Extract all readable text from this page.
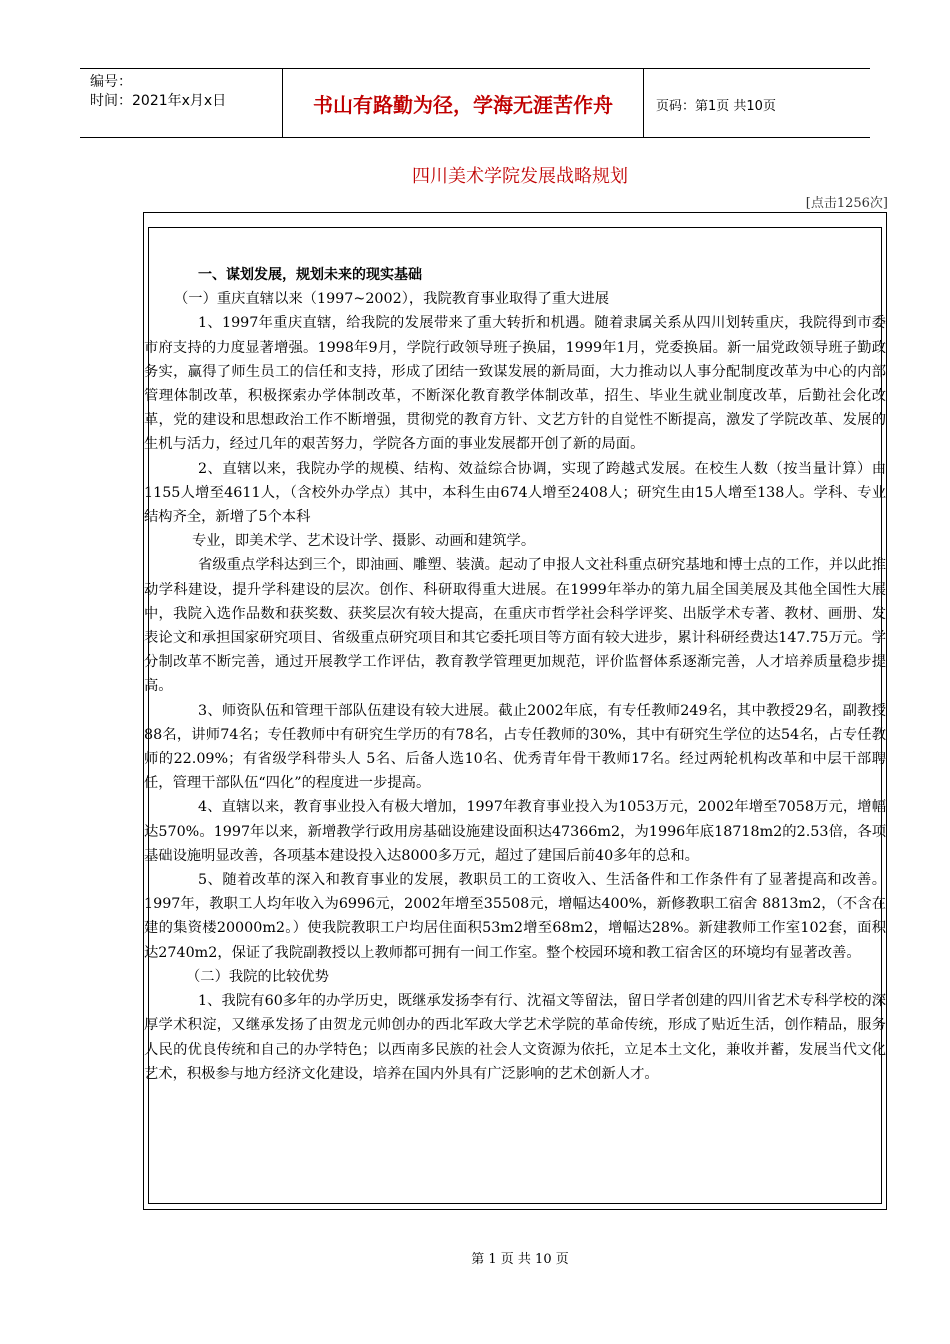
编号：
时间：2021年x月x日	书山有路勤为径，学海无涯苦作舟	页码：第1页 共10页
四川美术学院发展战略规划
[点击1256次]

一、谋划发展，规划未来的现实基础

（一）重庆直辖以来（1997~2002），我院教育事业取得了重大进展

1、1997年重庆直辖，给我院的发展带来了重大转折和机遇。随着隶属关系从四川划转重庆，我院得到市委市府支持的力度显著增强。1998年9月，学院行政领导班子换届，1999年1月，党委换届。新一届党政领导班子勤政务实，赢得了师生员工的信任和支持，形成了团结一致谋发展的新局面，大力推动以人事分配制度改革为中心的内部管理体制改革，积极探索办学体制改革，不断深化教育教学体制改革，招生、毕业生就业制度改革，后勤社会化改革，党的建设和思想政治工作不断增强，贯彻党的教育方针、文艺方针的自觉性不断提高，激发了学院改革、发展的生机与活力，经过几年的艰苦努力，学院各方面的事业发展都开创了新的局面。

2、直辖以来，我院办学的规模、结构、效益综合协调，实现了跨越式发展。在校生人数（按当量计算）由1155人增至4611人，（含校外办学点）其中，本科生由674人增至2408人；研究生由15人增至138人。学科、专业结构齐全，新增了5个本科

专业，即美术学、艺术设计学、摄影、动画和建筑学。

省级重点学科达到三个，即油画、雕塑、装潢。起动了申报人文社科重点研究基地和博士点的工作，并以此推动学科建设，提升学科建设的层次。创作、科研取得重大进展。在1999年举办的第九届全国美展及其他全国性大展中，我院入选作品数和获奖数、获奖层次有较大提高，在重庆市哲学社会科学评奖、出版学术专著、教材、画册、发表论文和承担国家研究项目、省级重点研究项目和其它委托项目等方面有较大进步，累计科研经费达147.75万元。学分制改革不断完善，通过开展教学工作评估，教育教学管理更加规范，评价监督体系逐渐完善，人才培养质量稳步提高。

3、师资队伍和管理干部队伍建设有较大进展。截止2002年底，有专任教师249名，其中教授29名，副教授88名，讲师74名；专任教师中有研究生学历的有78名，占专任教师的30%，其中有研究生学位的达54名，占专任教师的22.09%；有省级学科带头人 5名、后备人选10名、优秀青年骨干教师17名。经过两轮机构改革和中层干部聘任，管理干部队伍“四化”的程度进一步提高。

4、直辖以来，教育事业投入有极大增加，1997年教育事业投入为1053万元，2002年增至7058万元，增幅达570%。1997年以来，新增教学行政用房基础设施建设面积达47366m2，为1996年底18718m2的2.53倍，各项基础设施明显改善，各项基本建设投入达8000多万元，超过了建国后前40多年的总和。

5、随着改革的深入和教育事业的发展，教职员工的工资收入、生活备件和工作条件有了显著提高和改善。1997年，教职工人均年收入为6996元，2002年增至35508元，增幅达400%，新修教职工宿舍 8813m2，（不含在建的集资楼20000m2。）使我院教职工户均居住面积53m2增至68m2，增幅达28%。新建教师工作室102套，面积达2740m2，保证了我院副教授以上教师都可拥有一间工作室。整个校园环境和教工宿舍区的环境均有显著改善。

（二）我院的比较优势

1、我院有60多年的办学历史，既继承发扬李有行、沈福文等留法，留日学者创建的四川省艺术专科学校的深厚学术积淀，又继承发扬了由贺龙元帅创办的西北军政大学艺术学院的革命传统，形成了贴近生活，创作精品，服务人民的优良传统和自己的办学特色；以西南多民族的社会人文资源为依托，立足本土文化，兼收并蓄，发展当代文化艺术，积极参与地方经济文化建设，培养在国内外具有广泛影响的艺术创新人才。

第 1 页 共 10 页
